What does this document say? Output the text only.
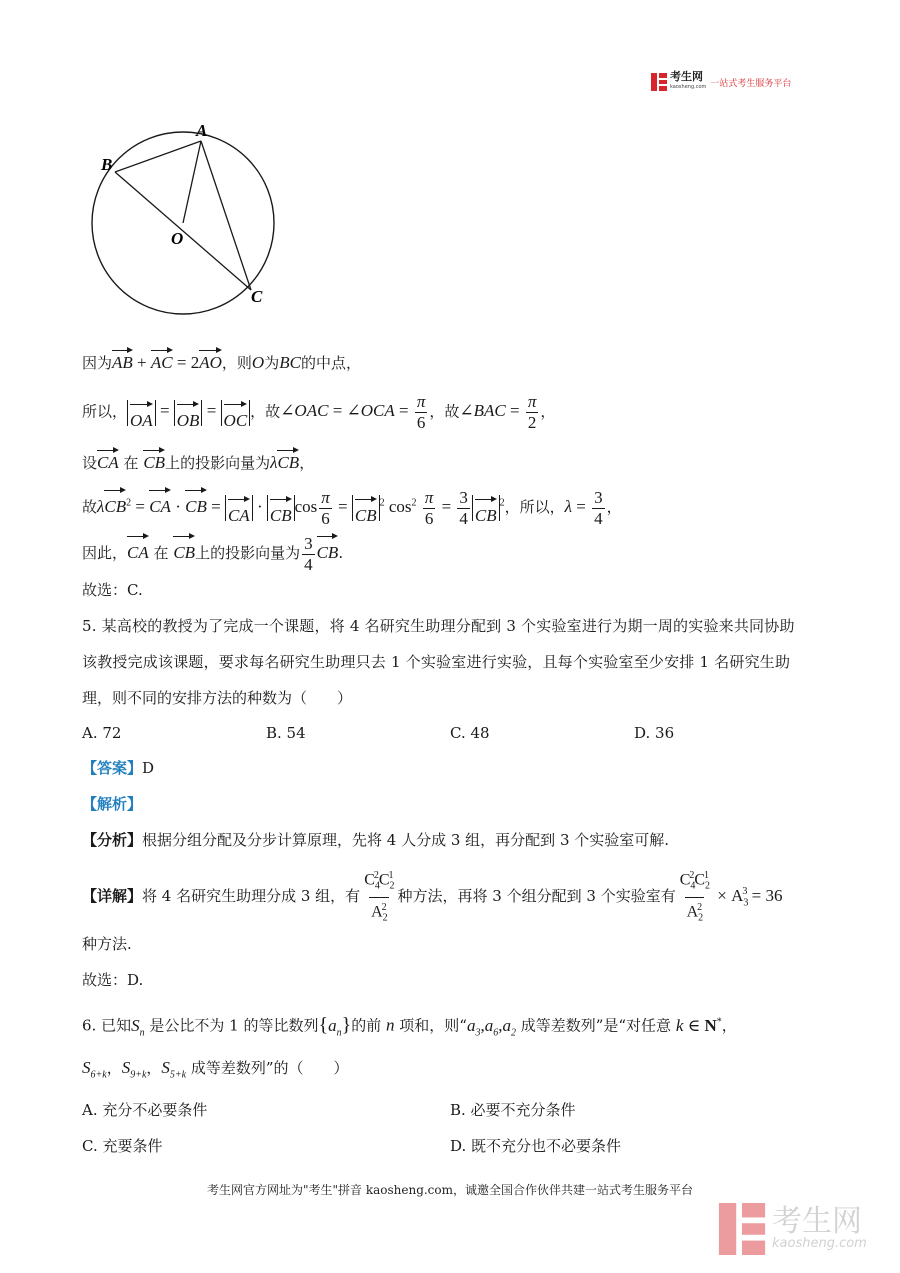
考生网
kaosheng.com 一站式考生服务平台
A
B
O
C
因为AB + AC = 2AO，则O为BC的中点，
所以， OA = OB = OC ，故∠OAC = ∠OCA = $\frac{\pi}{6}$ ，故∠BAC = $\frac{\pi}{2}$ ，
设CA 在 CB上的投影向量为λCB，
故λCB$^2$ = CA · CB = CA · CB $\cos \frac{\pi}{6} = CB^2$ $\cos^2 \frac{\pi}{6} = \frac{3}{4} CB^2$，所以，$\lambda = \frac{3}{4}$ ，
因此，CA 在 CB上的投影向量为 $\frac{3}{4}$ CB.
故选：C.
5. 某高校的教授为了完成一个课题，将 4 名研究生助理分配到 3 个实验室进行为期一周的实验来共同协助
该教授完成该课题，要求每名研究生助理只去 1 个实验室进行实验，且每个实验室至少安排 1 名研究生助
理，则不同的安排方法的种数为（　　）
A. 72	B. 54	C. 48	D. 36
【答案】D
【解析】
【分析】根据分组分配及分步计算原理，先将 4 人分成 3 组，再分配到 3 个实验室可解.
【详解】将 4 名研究生助理分成 3 组，有 $\frac{C_4^2C_2^1}{A_2^2}$ 种方法，再将 3 个组分配到 3 个实验室有 $\frac{C_4^2C_2^1}{A_2^2} \times A_3^3 = 36$
种方法.
故选：D.
6. 已知$S_n$ 是公比不为 1 的等比数列$\{a_n\}$的前 n 项和，则“$a_3,a_6,a_2$ 成等差数列”是“对任意 k ∈ N*，
$S_{6+k}$，$S_{9+k}$，$S_{5+k}$ 成等差数列”的（　　）
A. 充分不必要条件	B. 必要不充分条件
C. 充要条件	D. 既不充分也不必要条件
考生网官方网址为"考生"拼音 kaosheng.com，诚邀全国合作伙伴共建一站式考生服务平台
考生网
kaosheng.com
